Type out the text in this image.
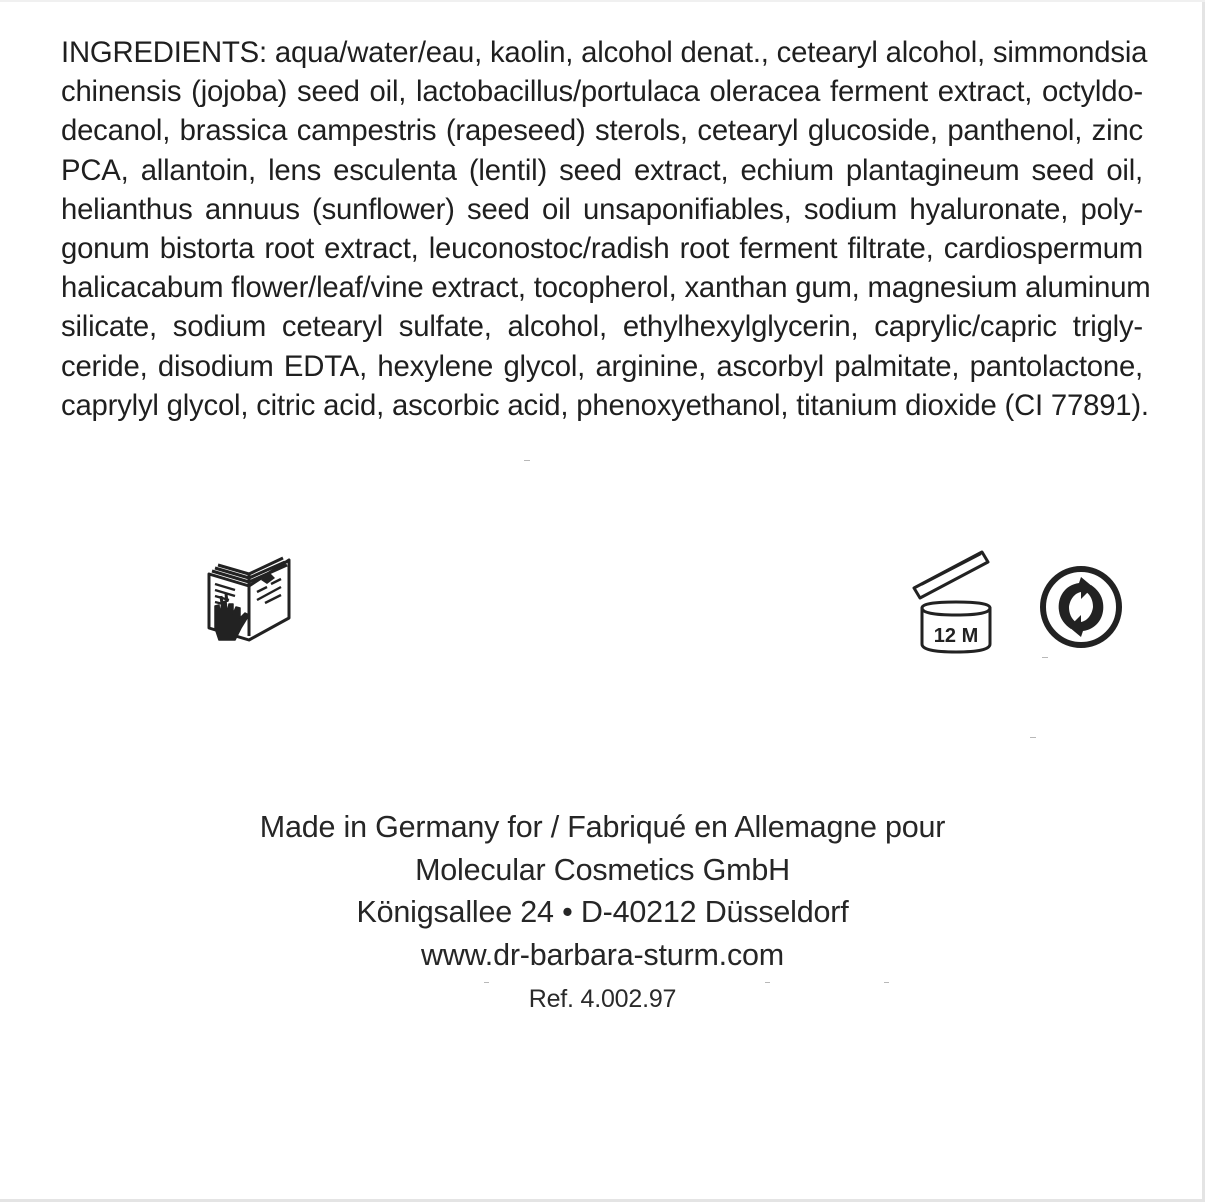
INGREDIENTS: aqua/water/eau, kaolin, alcohol denat., cetearyl alcohol, simmondsia
chinensis (jojoba) seed oil, lactobacillus/portulaca oleracea ferment extract, octyldo-
decanol, brassica campestris (rapeseed) sterols, cetearyl glucoside, panthenol, zinc
PCA, allantoin, lens esculenta (lentil) seed extract, echium plantagineum seed oil,
helianthus annuus (sunflower) seed oil unsaponifiables, sodium hyaluronate, poly-
gonum bistorta root extract, leuconostoc/radish root ferment filtrate, cardiospermum
halicacabum flower/leaf/vine extract, tocopherol, xanthan gum, magnesium aluminum
silicate, sodium cetearyl sulfate, alcohol, ethylhexylglycerin, caprylic/capric trigly-
ceride, disodium EDTA, hexylene glycol, arginine, ascorbyl palmitate, pantolactone,
caprylyl glycol, citric acid, ascorbic acid, phenoxyethanol, titanium dioxide (CI 77891).

12 M
Made in Germany for / Fabriqué en Allemagne pour
Molecular Cosmetics GmbH
Königsallee 24 • D-40212 Düsseldorf
www.dr-barbara-sturm.com
Ref. 4.002.97
